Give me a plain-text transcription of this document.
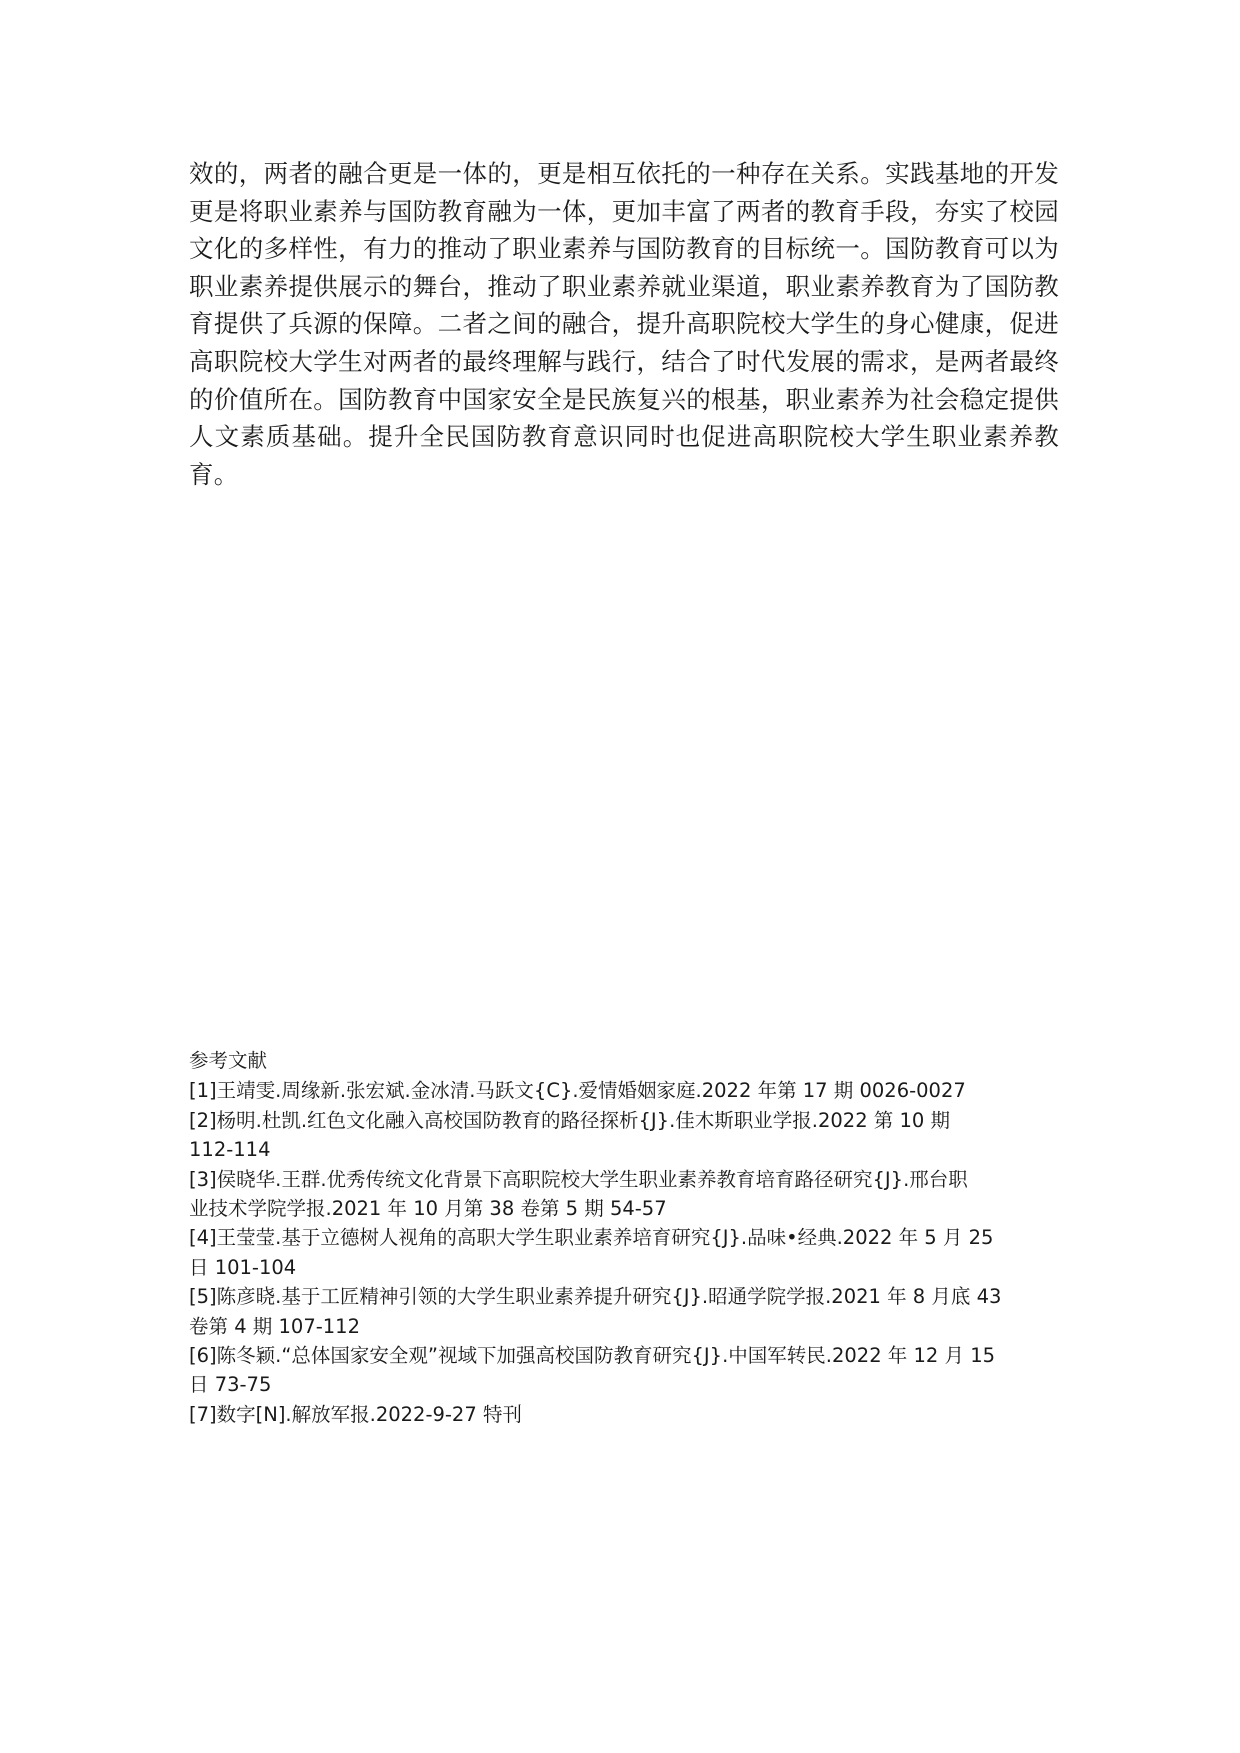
效的，两者的融合更是一体的，更是相互依托的一种存在关系。实践基地的开发
更是将职业素养与国防教育融为一体，更加丰富了两者的教育手段，夯实了校园
文化的多样性，有力的推动了职业素养与国防教育的目标统一。国防教育可以为
职业素养提供展示的舞台，推动了职业素养就业渠道，职业素养教育为了国防教
育提供了兵源的保障。二者之间的融合，提升高职院校大学生的身心健康，促进
高职院校大学生对两者的最终理解与践行，结合了时代发展的需求，是两者最终
的价值所在。国防教育中国家安全是民族复兴的根基，职业素养为社会稳定提供
人文素质基础。提升全民国防教育意识同时也促进高职院校大学生职业素养教
育。
参考文献
[1]王靖雯.周缘新.张宏斌.金冰清.马跃文{C}.爱情婚姻家庭.2022 年第 17 期 0026-0027
[2]杨明.杜凯.红色文化融入高校国防教育的路径探析{J}.佳木斯职业学报.2022 第 10 期
112-114
[3]侯晓华.王群.优秀传统文化背景下高职院校大学生职业素养教育培育路径研究{J}.邢台职
业技术学院学报.2021 年 10 月第 38 卷第 5 期 54-57
[4]王莹莹.基于立德树人视角的高职大学生职业素养培育研究{J}.品味•经典.2022 年 5 月 25
日 101-104
[5]陈彦晓.基于工匠精神引领的大学生职业素养提升研究{J}.昭通学院学报.2021 年 8 月底 43
卷第 4 期 107-112
[6]陈冬颖.“总体国家安全观”视域下加强高校国防教育研究{J}.中国军转民.2022 年 12 月 15
日 73-75
[7]数字[N].解放军报.2022-9-27 特刊
